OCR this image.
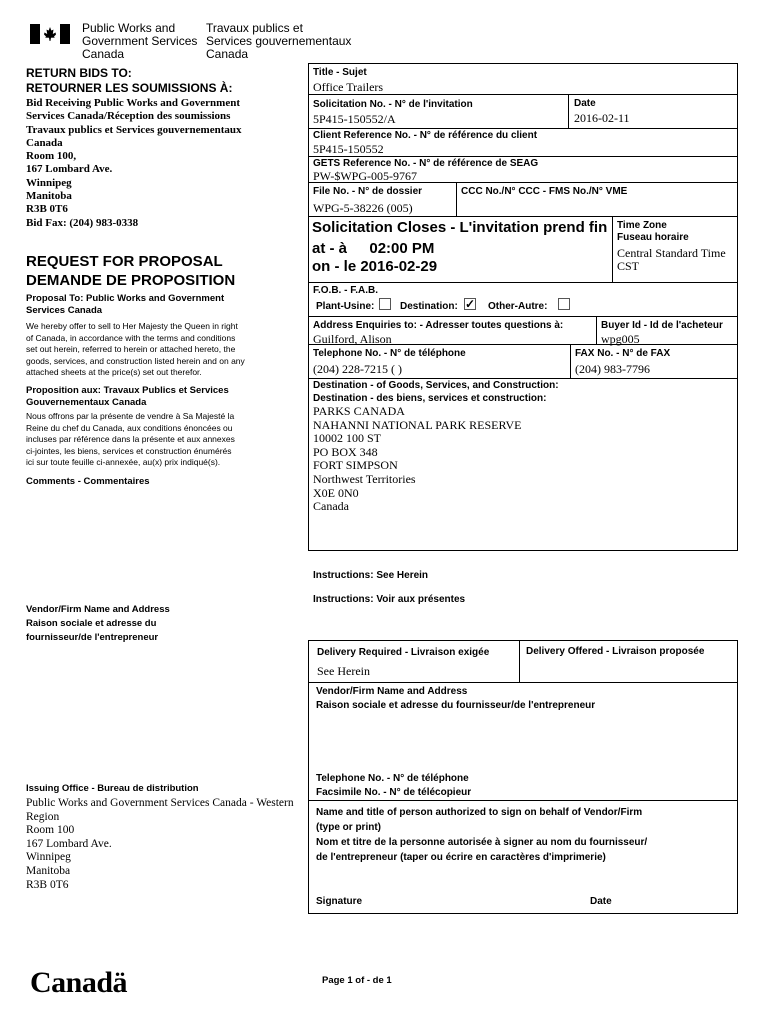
Public Works and
Government Services
Canada
Travaux publics et
Services gouvernementaux
Canada
RETURN BIDS TO:
RETOURNER LES SOUMISSIONS À:
Bid Receiving Public Works and Government
Services Canada/Réception des soumissions
Travaux publics et Services gouvernementaux
Canada
Room 100,
167 Lombard Ave.
Winnipeg
Manitoba
R3B 0T6
Bid Fax: (204) 983-0338
REQUEST FOR PROPOSAL
DEMANDE DE PROPOSITION
Proposal To: Public Works and Government
Services Canada
We hereby offer to sell to Her Majesty the Queen in right
of Canada, in accordance with the terms and conditions
set out herein, referred to herein or attached hereto, the
goods, services, and construction listed herein and on any
attached sheets at the price(s) set out therefor.
Proposition aux: Travaux Publics et Services
Gouvernementaux Canada
Nous offrons par la présente de vendre à Sa Majesté la
Reine du chef du Canada, aux conditions énoncées ou
incluses par référence dans la présente et aux annexes
ci-jointes, les biens, services et construction énumérés
ici sur toute feuille ci-annexée, au(x) prix indiqué(s).
Comments - Commentaires
Vendor/Firm Name and Address
Raison sociale et adresse du
fournisseur/de l'entrepreneur
Issuing Office - Bureau de distribution
Public Works and Government Services Canada - Western
Region
Room 100
167 Lombard Ave.
Winnipeg
Manitoba
R3B 0T6
Title - Sujet
Office Trailers
Solicitation No. - N° de l'invitation
5P415-150552/A
Date
2016-02-11
Client Reference No. - N° de référence du client
5P415-150552
GETS Reference No. - N° de référence de SEAG
PW-$WPG-005-9767
File No. - N° de dossier
WPG-5-38226 (005)
CCC No./N° CCC - FMS No./N° VME
Solicitation Closes - L'invitation prend fin
at - à 02:00 PM
on - le 2016-02-29
Time Zone
Fuseau horaire
Central Standard Time
CST
F.O.B. - F.A.B.
Plant-Usine:	Destination: ✓ Other-Autre:
Address Enquiries to: - Adresser toutes questions à:
Guilford, Alison
Buyer Id - Id de l'acheteur
wpg005
Telephone No. - N° de téléphone
(204) 228-7215 ( )
FAX No. - N° de FAX
(204) 983-7796
Destination - of Goods, Services, and Construction:
Destination - des biens, services et construction:
PARKS CANADA
NAHANNI NATIONAL PARK RESERVE
10002 100 ST
PO BOX 348
FORT SIMPSON
Northwest Territories
X0E 0N0
Canada
Instructions: See Herein
Instructions: Voir aux présentes
Delivery Required - Livraison exigée
See Herein
Delivery Offered - Livraison proposée
Vendor/Firm Name and Address
Raison sociale et adresse du fournisseur/de l'entrepreneur
Telephone No. - N° de téléphone
Facsimile No. - N° de télécopieur
Name and title of person authorized to sign on behalf of Vendor/Firm
(type or print)
Nom et titre de la personne autorisée à signer au nom du fournisseur/
de l'entrepreneur (taper ou écrire en caractères d'imprimerie)
Signature	Date
Canadä	Page 1 of - de 1
